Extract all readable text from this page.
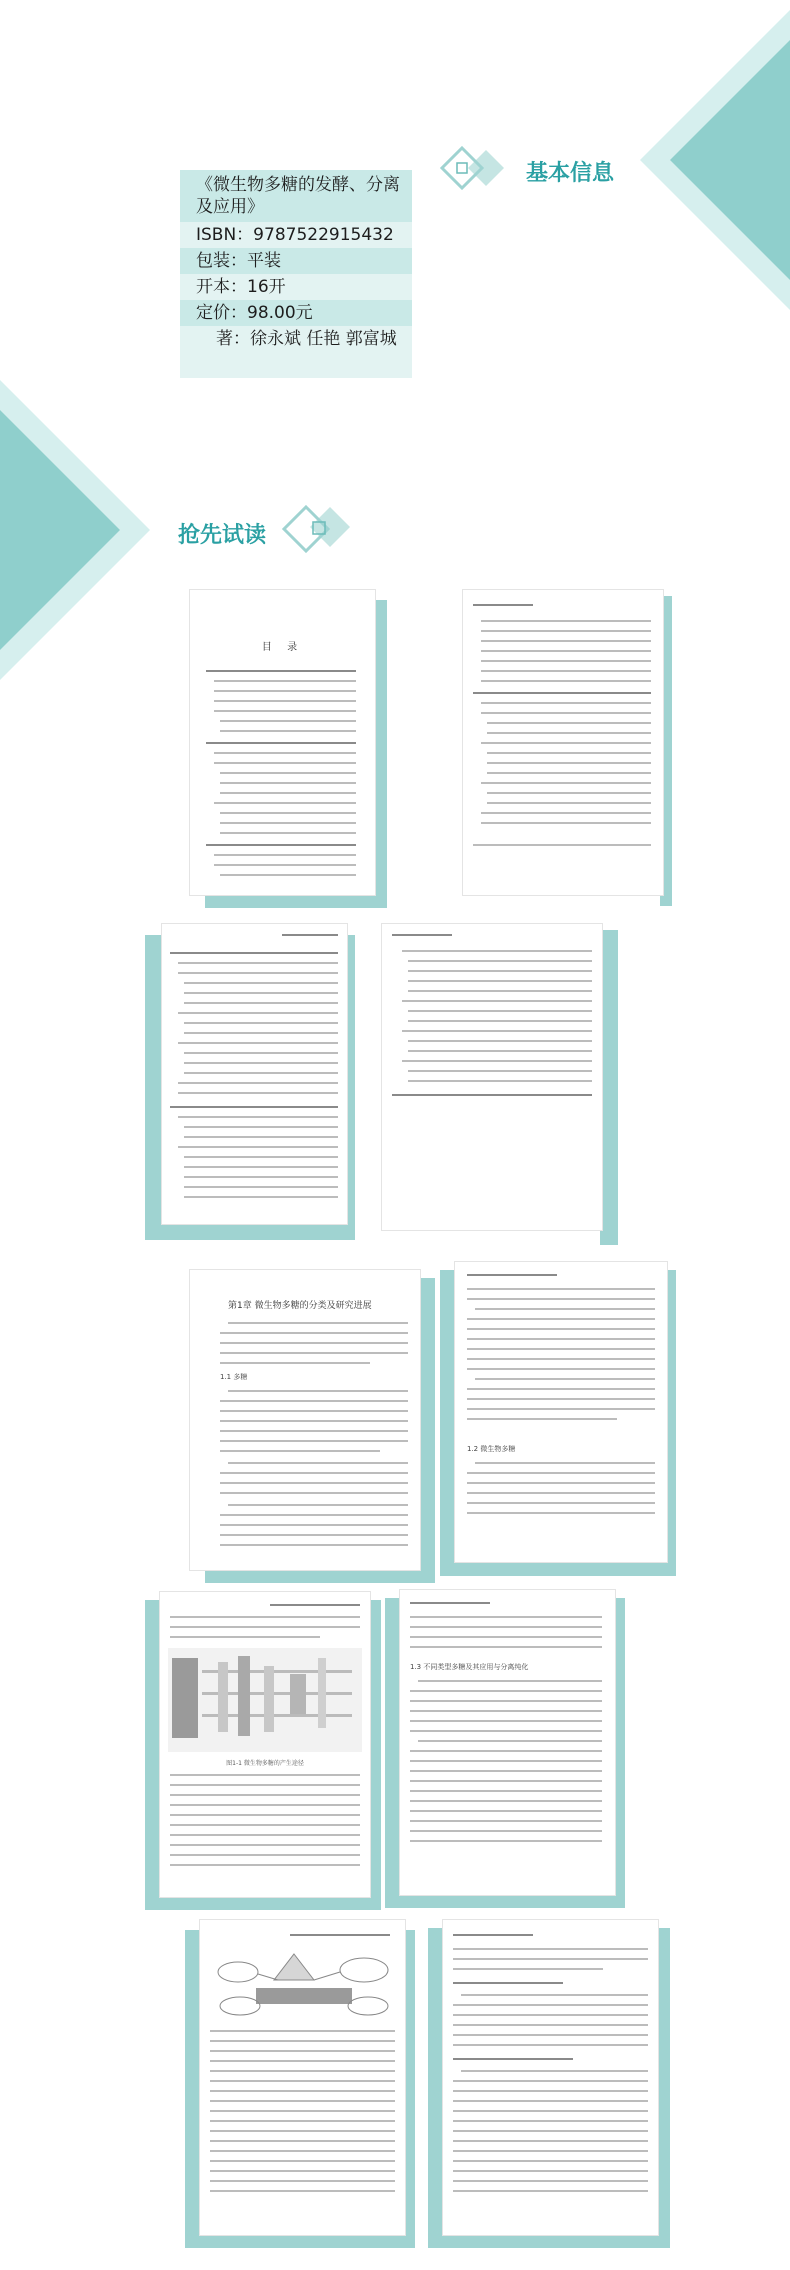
基本信息
《微生物多糖的发酵、分离及应用》
ISBN：9787522915432
包装：平装
开本：16开
定价：98.00元
著：徐永斌 任艳 郭富城
抢先试读
目 录
第1章 微生物多糖的分类及研究进展
1.1 多糖
1.2 微生物多糖
图1-1 微生物多糖的产生途径
1.3 不同类型多糖及其应用与分离纯化
